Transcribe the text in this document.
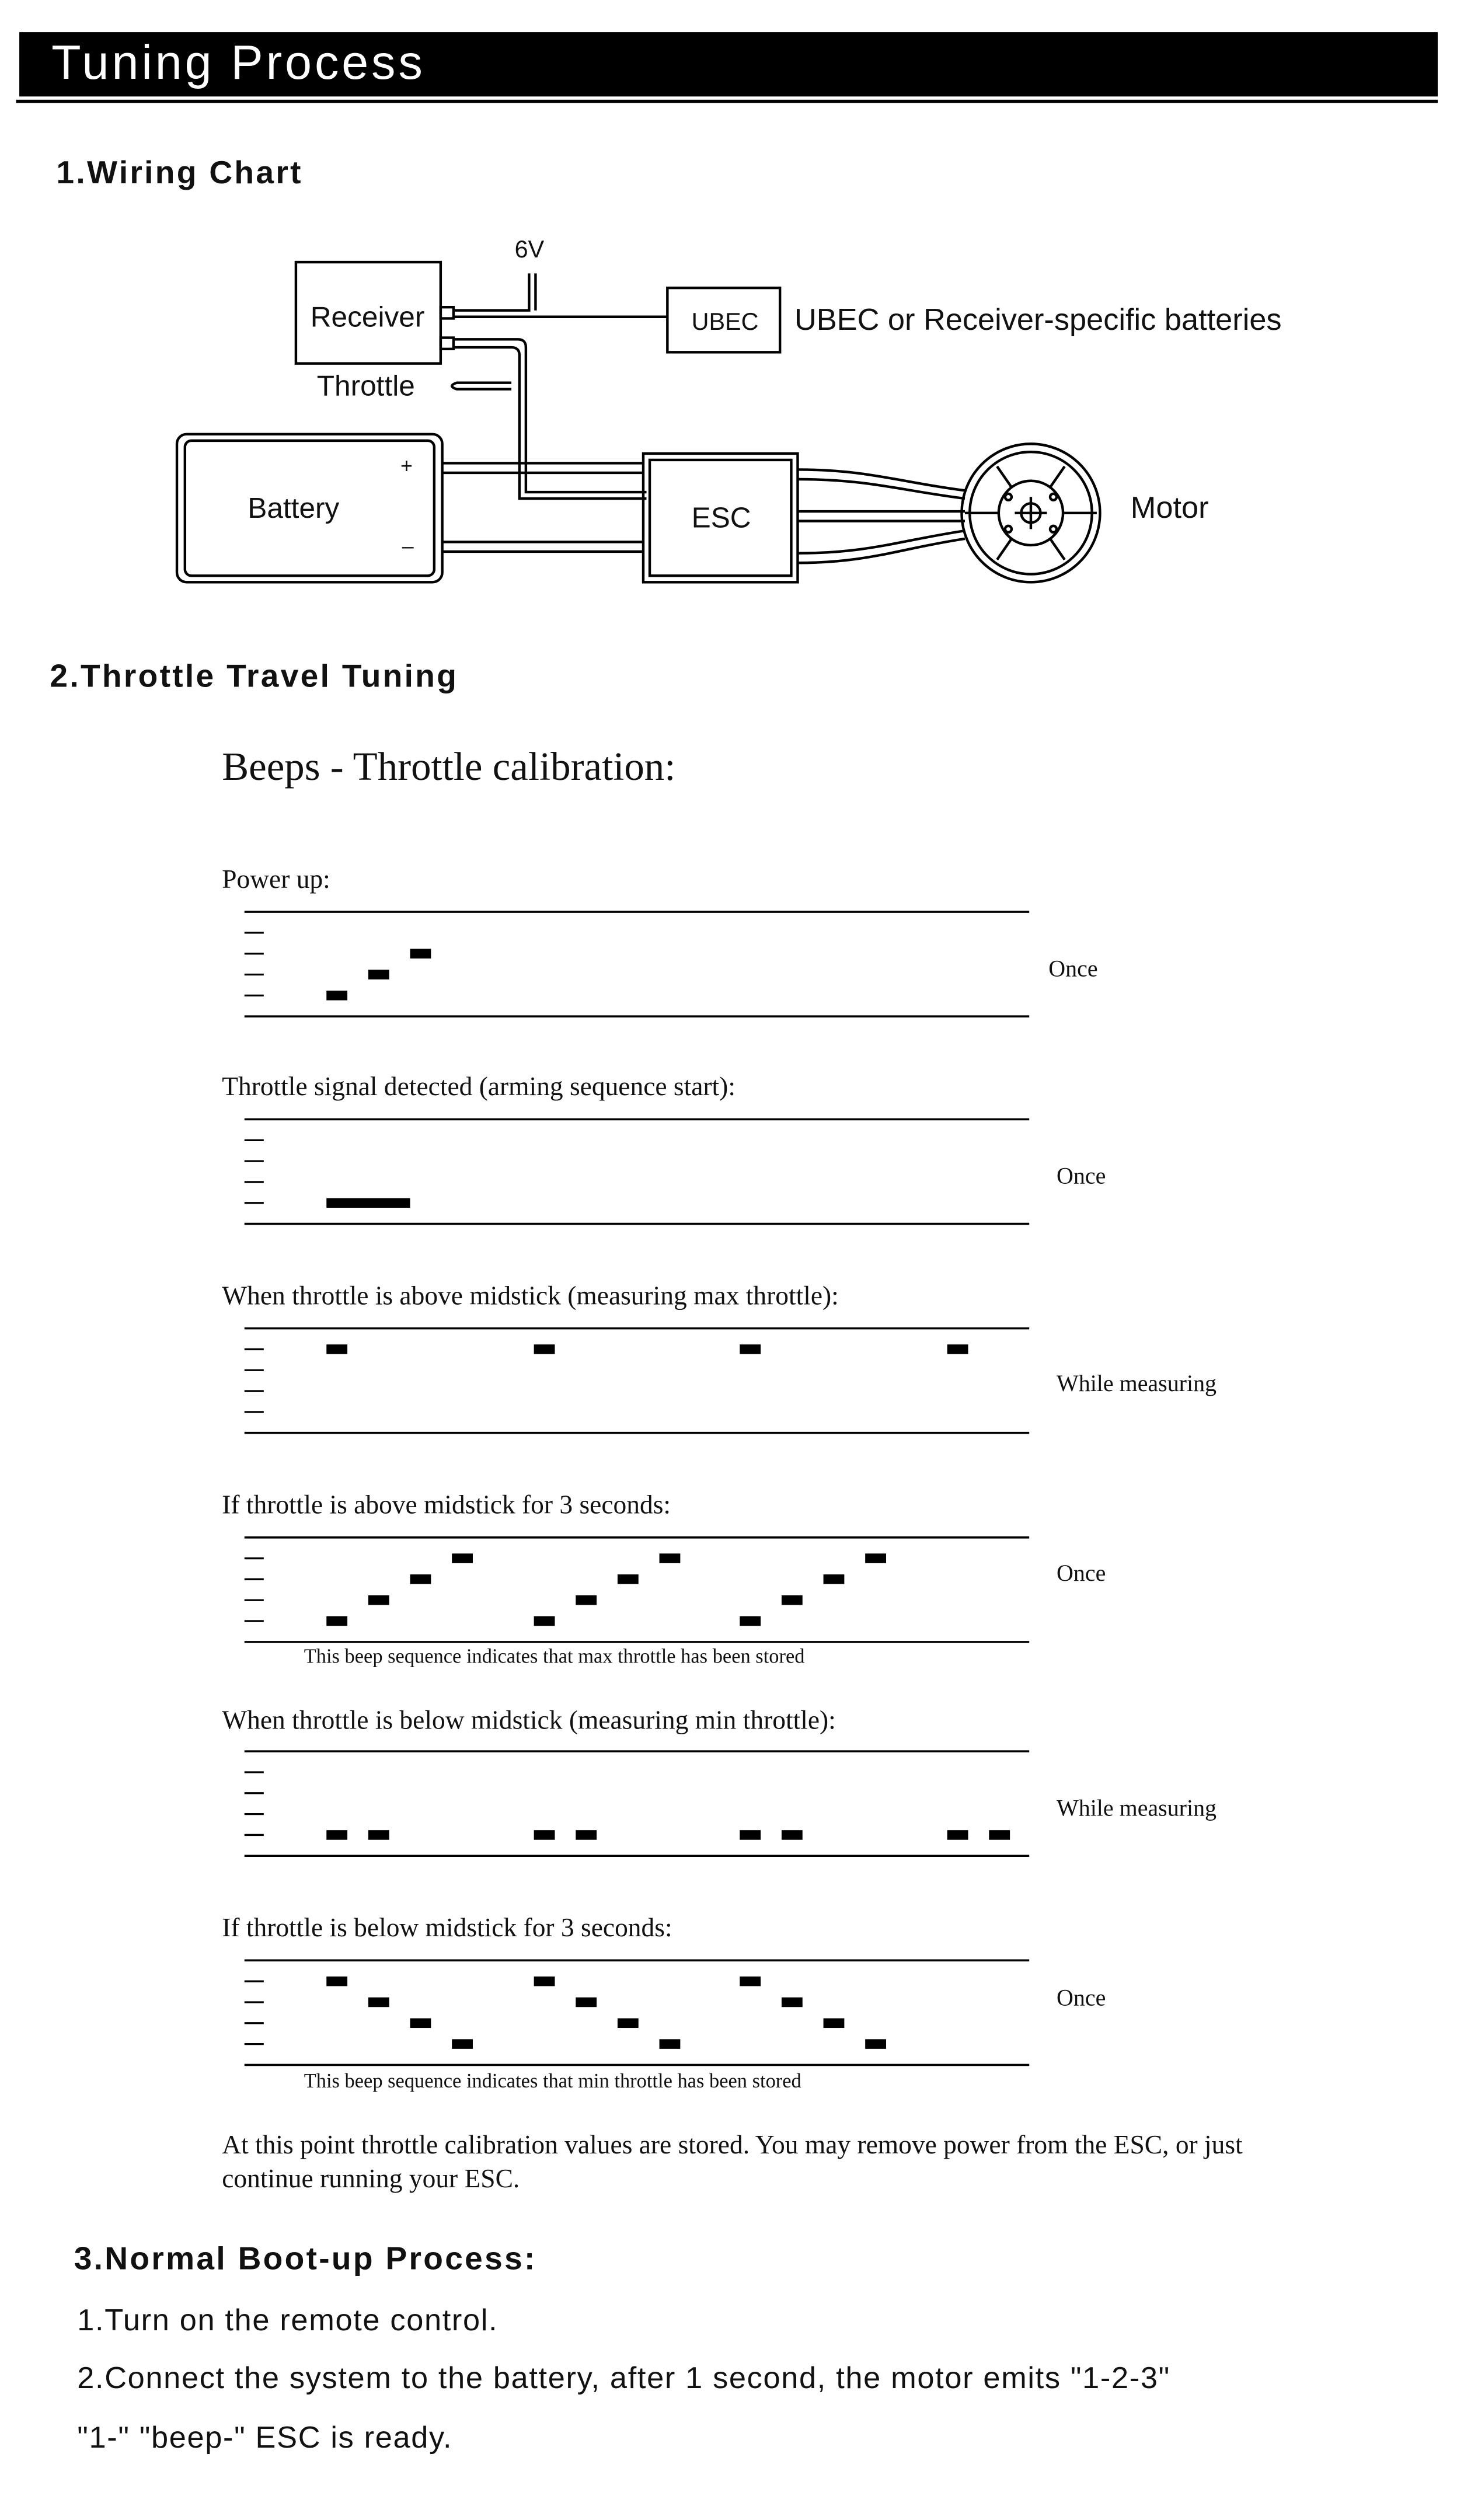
Tuning Process
1.Wiring Chart
6V
Receiver	UBEC	UBEC or Receiver-specific batteries
Throttle
Battery
+
–
ESC	Motor
2.Throttle Travel Tuning
Beeps - Throttle calibration:
Power up:
Throttle signal detected (arming sequence start):
When throttle is above midstick (measuring max throttle):
If throttle is above midstick for 3 seconds:
When throttle is below midstick (measuring min throttle):
If throttle is below midstick for 3 seconds:
Once
Once
While measuring
Once
While measuring
Once
This beep sequence indicates that max throttle has been stored
This beep sequence indicates that min throttle has been stored
At this point throttle calibration values are stored. You may remove power from the ESC, or just
continue running your ESC.
3.Normal Boot-up Process:
1.Turn on the remote control.
2.Connect the system to the battery, after 1 second, the motor emits "1-2-3"
"1-" "beep-" ESC is ready.
